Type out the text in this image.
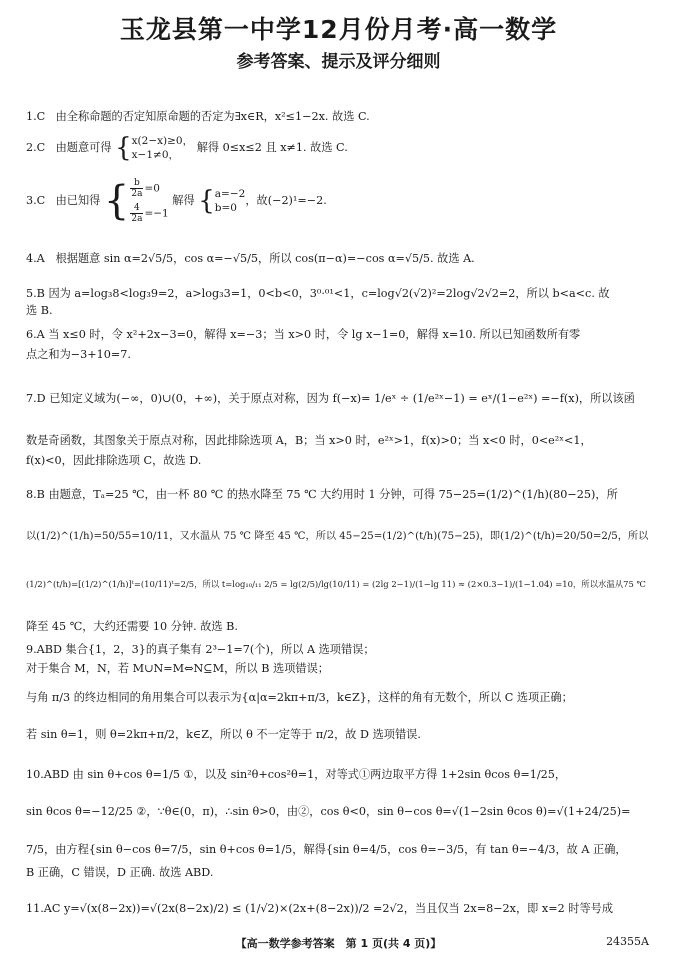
玉龙县第一中学12月份月考·高一数学
参考答案、提示及评分细则
1.C 由全称命题的否定知原命题的否定为∃x∈R，x²≤1−2x. 故选 C.
2.C 由题意可得 { x(2−x)≥0，
x−1≠0，
解得 0≤x≤2 且 x≠1. 故选 C.
3.C 由已知得 { $\frac{b}{2a} =0$
$\frac{4}{2a} =-1$
解得 { a=−2
b=0
，故(−2)¹=−2.
4.A 根据题意 sin α=2√5/5，cos α=−√5/5，所以 cos(π−α)=−cos α=√5/5. 故选 A.
5.B 因为 a=log₃8<log₃9=2，a>log₃3=1，0<b<0，3⁰·⁰¹<1，c=log√2(√2)²=2log√2√2=2，所以 b<a<c. 故
选 B.
6.A 当 x≤0 时，令 x²+2x−3=0，解得 x=−3；当 x>0 时，令 lg x−1=0，解得 x=10. 所以已知函数所有零
点之和为−3+10=7.
7.D 已知定义域为(−∞，0)∪(0，+∞)，关于原点对称，因为 f(−x)= 1/eˣ ÷ (1/e²ˣ−1) = eˣ/(1−e²ˣ) =−f(x)，所以该函
数是奇函数，其图象关于原点对称，因此排除选项 A，B；当 x>0 时，e²ˣ>1，f(x)>0；当 x<0 时，0<e²ˣ<1，
f(x)<0，因此排除选项 C，故选 D.
8.B 由题意，Tₐ=25 ℃，由一杯 80 ℃ 的热水降至 75 ℃ 大约用时 1 分钟，可得 75−25=(1/2)^(1/h)(80−25)，所
以(1/2)^(1/h)=50/55=10/11，又水温从 75 ℃ 降至 45 ℃，所以 45−25=(1/2)^(t/h)(75−25)，即(1/2)^(t/h)=20/50=2/5，所以
(1/2)^(t/h)=[(1/2)^(1/h)]ᵗ=(10/11)ᵗ=2/5，所以 t=log₁₀/₁₁ 2/5 = lg(2/5)/lg(10/11) = (2lg 2−1)/(1−lg 11) ≈ (2×0.3−1)/(1−1.04) =10，所以水温从75 ℃
降至 45 ℃，大约还需要 10 分钟. 故选 B.
9.ABD 集合{1，2，3}的真子集有 2³−1=7(个)，所以 A 选项错误；
对于集合 M，N，若 M∪N=M⇔N⊆M，所以 B 选项错误；
与角 π/3 的终边相同的角用集合可以表示为{α|α=2kπ+π/3，k∈Z}，这样的角有无数个，所以 C 选项正确；
若 sin θ=1，则 θ=2kπ+π/2，k∈Z，所以 θ 不一定等于 π/2，故 D 选项错误.
10.ABD 由 sin θ+cos θ=1/5 ①，以及 sin²θ+cos²θ=1，对等式①两边取平方得 1+2sin θcos θ=1/25，
sin θcos θ=−12/25 ②，∵θ∈(0，π)，∴sin θ>0，由②，cos θ<0，sin θ−cos θ=√(1−2sin θcos θ)=√(1+24/25)=
7/5，由方程{sin θ−cos θ=7/5，sin θ+cos θ=1/5，解得{sin θ=4/5，cos θ=−3/5，有 tan θ=−4/3，故 A 正确，
B 正确，C 错误，D 正确. 故选 ABD.
11.AC y=√(x(8−2x))=√(2x(8−2x)/2) ≤ (1/√2)×(2x+(8−2x))/2 =2√2，当且仅当 2x=8−2x，即 x=2 时等号成
【高一数学参考答案　第 1 页(共 4 页)】	24355A
